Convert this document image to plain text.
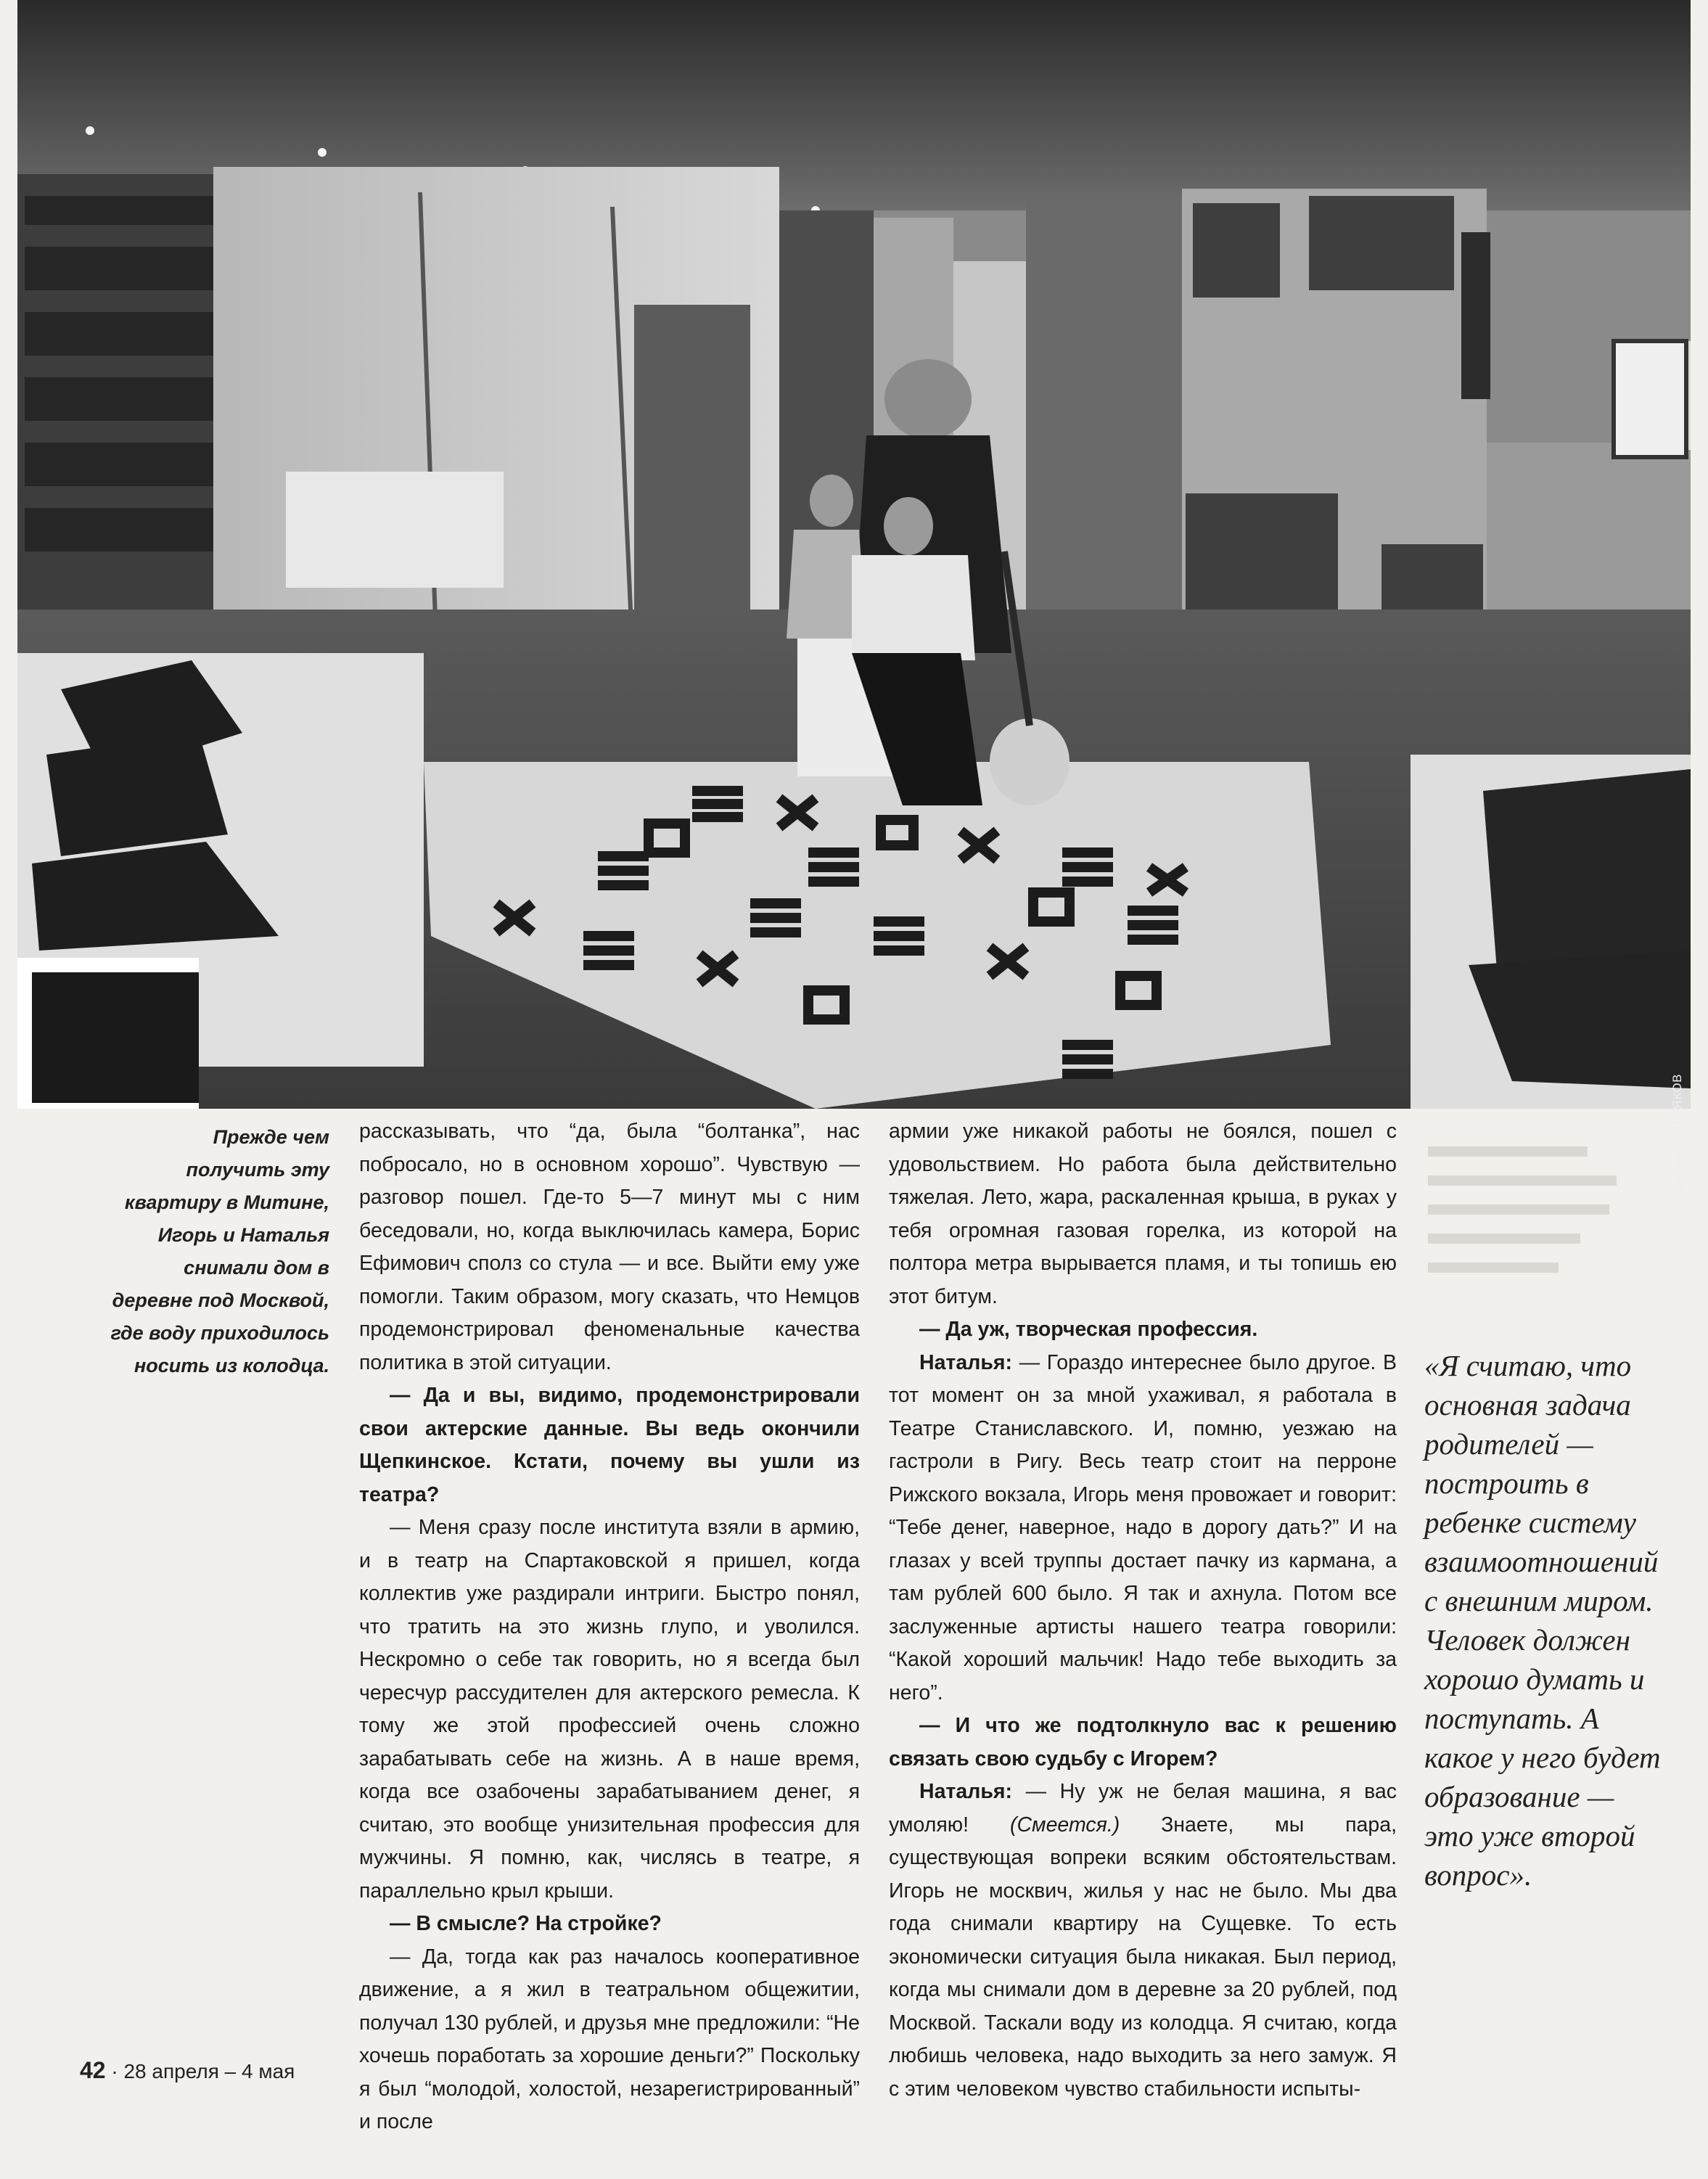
Владимир ЧИСТЯКОВ
Прежде чем получить эту квартиру в Митине, Игорь и Наталья снимали дом в деревне под Москвой, где воду приходилось носить из колодца.

рассказывать, что “да, была “болтанка”, нас побросало, но в основном хорошо”. Чувствую — разговор пошел. Где-то 5—7 минут мы с ним беседовали, но, когда выключилась камера, Борис Ефимович сполз со стула — и все. Выйти ему уже помогли. Таким образом, могу сказать, что Немцов продемонстрировал феноменальные качества политика в этой ситуации.

— Да и вы, видимо, продемонстрировали свои актерские данные. Вы ведь окончили Щепкинское. Кстати, почему вы ушли из театра?

— Меня сразу после института взяли в армию, и в театр на Спартаковской я пришел, когда коллектив уже раздирали интриги. Быстро понял, что тратить на это жизнь глупо, и уволился. Нескромно о себе так говорить, но я всегда был чересчур рассудителен для актерского ремесла. К тому же этой профессией очень сложно зарабатывать себе на жизнь. А в наше время, когда все озабочены зарабатыванием денег, я считаю, это вообще унизительная профессия для мужчины. Я помню, как, числясь в театре, я параллельно крыл крыши.

— В смысле? На стройке?

— Да, тогда как раз началось кооперативное движение, а я жил в театральном общежитии, получал 130 рублей, и друзья мне предложили: “Не хочешь поработать за хорошие деньги?” Поскольку я был “молодой, холостой, незарегистрированный” и после

армии уже никакой работы не боялся, пошел с удовольствием. Но работа была действительно тяжелая. Лето, жара, раскаленная крыша, в руках у тебя огромная газовая горелка, из которой на полтора метра вырывается пламя, и ты топишь ею этот битум.

— Да уж, творческая профессия.

Наталья: — Гораздо интереснее было другое. В тот момент он за мной ухаживал, я работала в Театре Станиславского. И, помню, уезжаю на гастроли в Ригу. Весь театр стоит на перроне Рижского вокзала, Игорь меня провожает и говорит: “Тебе денег, наверное, надо в дорогу дать?” И на глазах у всей труппы достает пачку из кармана, а там рублей 600 было. Я так и ахнула. Потом все заслуженные артисты нашего театра говорили: “Какой хороший мальчик! Надо тебе выходить за него”.

— И что же подтолкнуло вас к решению связать свою судьбу с Игорем?

Наталья: — Ну уж не белая машина, я вас умоляю! (Смеется.) Знаете, мы пара, существующая вопреки всяким обстоятельствам. Игорь не москвич, жилья у нас не было. Мы два года снимали квартиру на Сущевке. То есть экономически ситуация была никакая. Был период, когда мы снимали дом в деревне за 20 рублей, под Москвой. Таскали воду из колодца. Я считаю, когда любишь человека, надо выходить за него замуж. Я с этим человеком чувство стабильности испыты-

«Я считаю, что основная задача родителей — построить в ребенке систему взаимоотношений с внешним миром. Человек должен хорошо думать и поступать. А какое у него будет образование — это уже второй вопрос».
42 · 28 апреля – 4 мая
